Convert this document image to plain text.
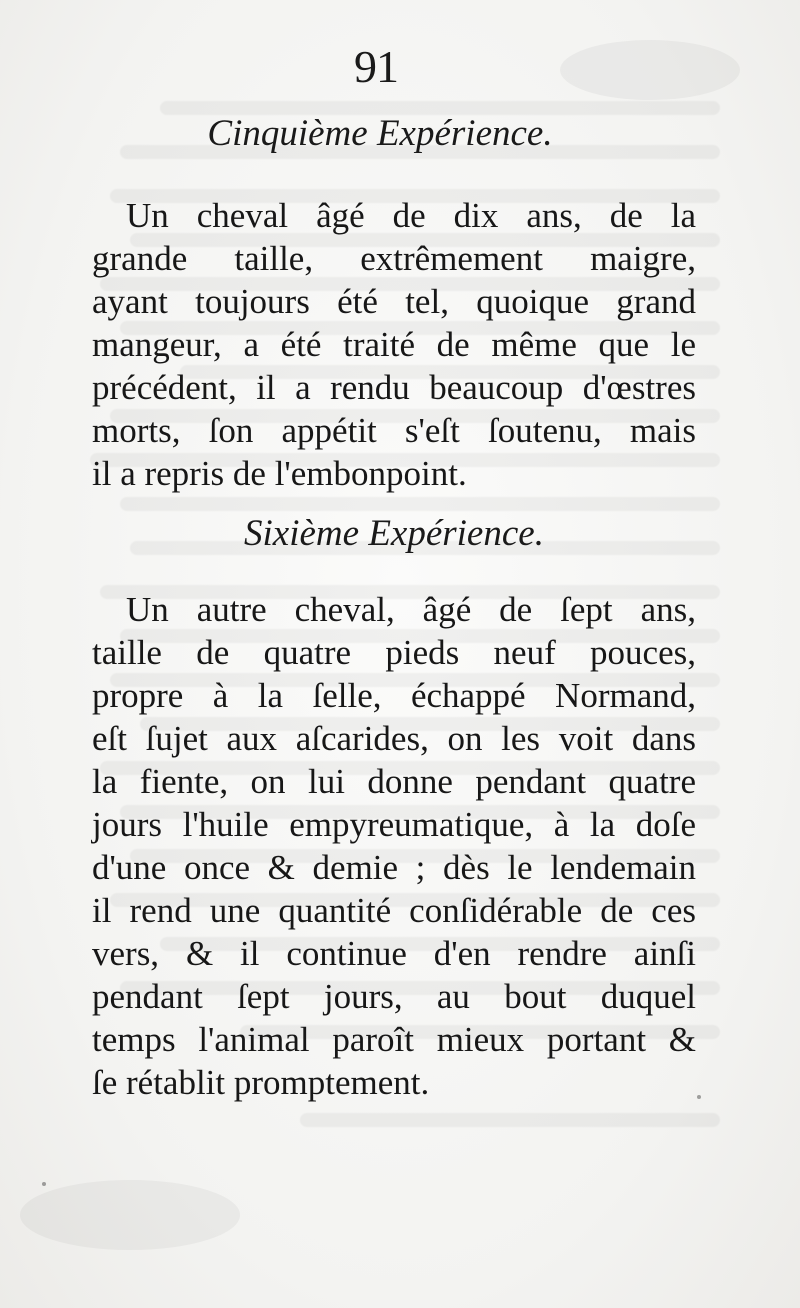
91
Cinquième Expérience.
Un cheval âgé de dix ans, de la
grande taille, extrêmement maigre,
ayant toujours été tel, quoique grand
mangeur, a été traité de même que le
précédent, il a rendu beaucoup d'œstres
morts, ſon appétit s'eſt ſoutenu, mais
il a repris de l'embonpoint.
Sixième Expérience.
Un autre cheval, âgé de ſept ans,
taille de quatre pieds neuf pouces,
propre à la ſelle, échappé Normand,
eſt ſujet aux aſcarides, on les voit dans
la fiente, on lui donne pendant quatre
jours l'huile empyreumatique, à la doſe
d'une once & demie ; dès le lendemain
il rend une quantité conſidérable de ces
vers, & il continue d'en rendre ainſi
pendant ſept jours, au bout duquel
temps l'animal paroît mieux portant &
ſe rétablit promptement.
